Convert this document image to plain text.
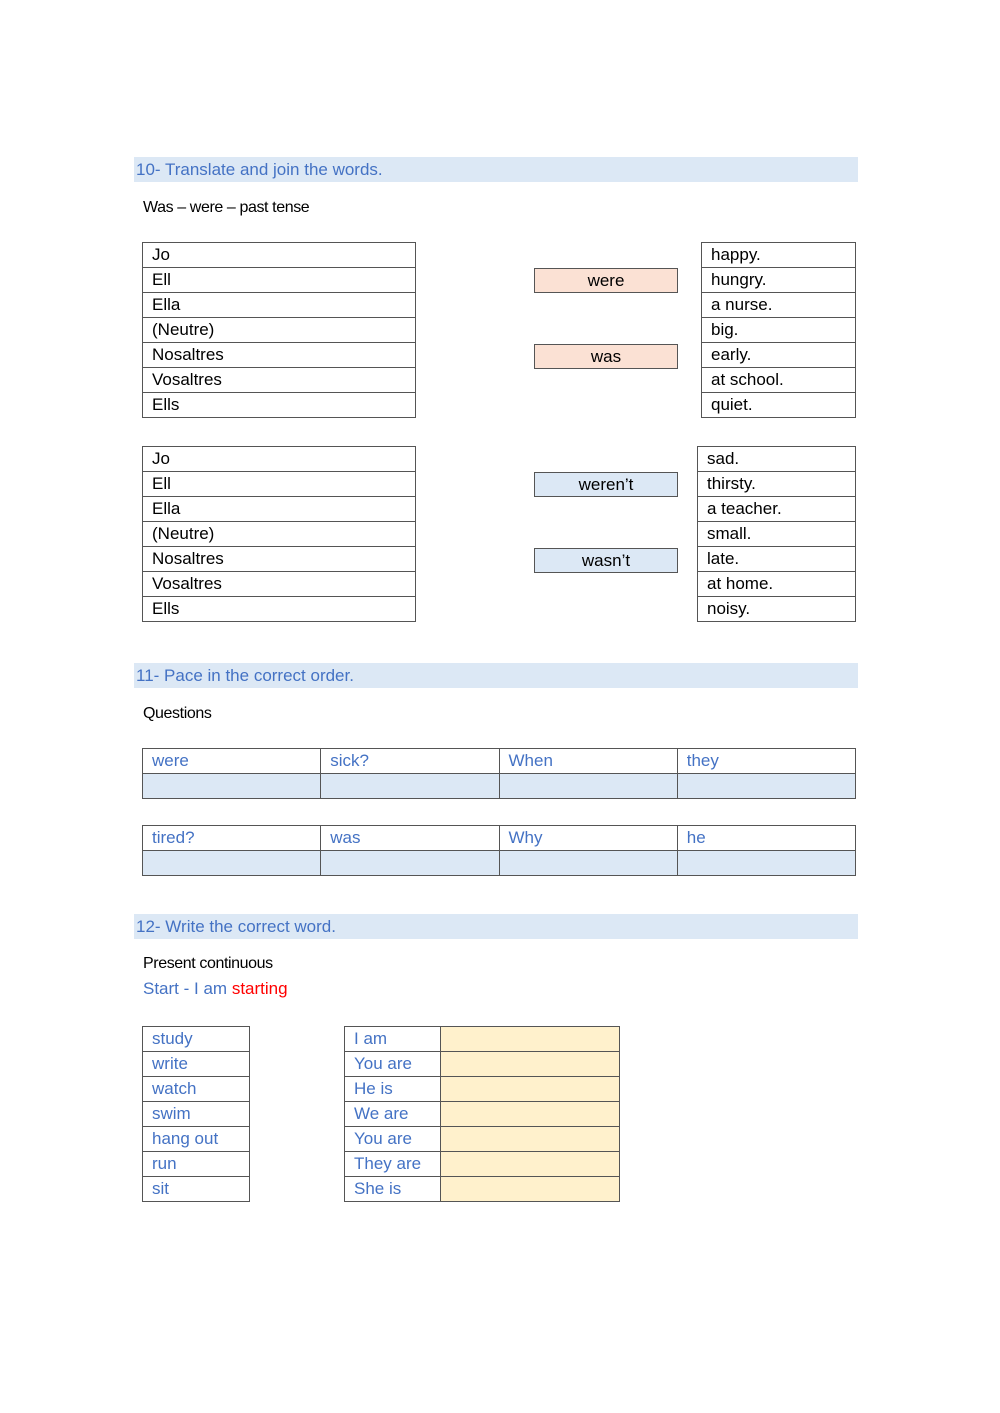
10- Translate and join the words.
Was – were – past tense
Jo
Ell
Ella
(Neutre)
Nosaltres
Vosaltres
Ells
were
was
happy.
hungry.
a nurse.
big.
early.
at school.
quiet.
Jo
Ell
Ella
(Neutre)
Nosaltres
Vosaltres
Ells
weren’t
wasn’t
sad.
thirsty.
a teacher.
small.
late.
at home.
noisy.
11- Pace in the correct order.
Questions
were	sick?	When	they

tired?	was	Why	he

12- Write the correct word.
Present continuous
Start - I am starting
study
write
watch
swim
hang out
run
sit
I am	
You are	
He is	
We are	
You are	
They are	
She is	
